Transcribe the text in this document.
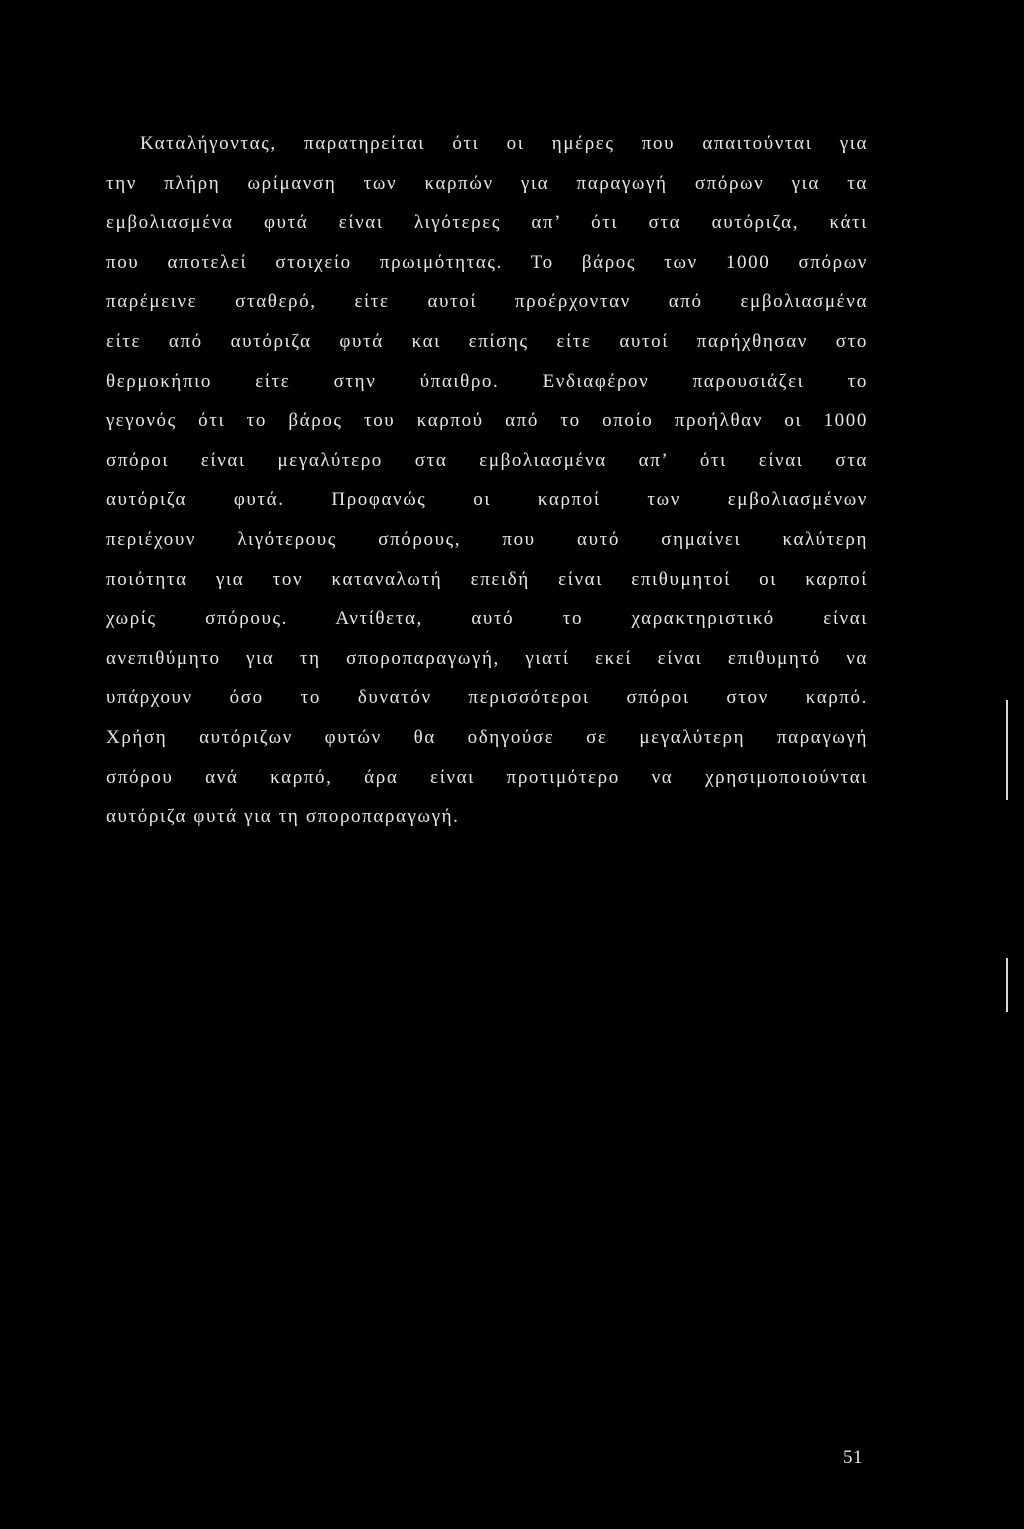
Καταλήγοντας, παρατηρείται ότι οι ημέρες που απαιτούνται για
την πλήρη ωρίμανση των καρπών για παραγωγή σπόρων για τα
εμβολιασμένα φυτά είναι λιγότερες απ’ ότι στα αυτόριζα, κάτι
που αποτελεί στοιχείο πρωιμότητας. Το βάρος των 1000 σπόρων
παρέμεινε σταθερό, είτε αυτοί προέρχονταν από εμβολιασμένα
είτε από αυτόριζα φυτά και επίσης είτε αυτοί παρήχθησαν στο
θερμοκήπιο είτε στην ύπαιθρο. Ενδιαφέρον παρουσιάζει το
γεγονός ότι το βάρος του καρπού από το οποίο προήλθαν οι 1000
σπόροι είναι μεγαλύτερο στα εμβολιασμένα απ’ ότι είναι στα
αυτόριζα φυτά. Προφανώς οι καρποί των εμβολιασμένων
περιέχουν λιγότερους σπόρους, που αυτό σημαίνει καλύτερη
ποιότητα για τον καταναλωτή επειδή είναι επιθυμητοί οι καρποί
χωρίς σπόρους. Αντίθετα, αυτό το χαρακτηριστικό είναι
ανεπιθύμητο για τη σποροπαραγωγή, γιατί εκεί είναι επιθυμητό να
υπάρχουν όσο το δυνατόν περισσότεροι σπόροι στον καρπό.
Χρήση αυτόριζων φυτών θα οδηγούσε σε μεγαλύτερη παραγωγή
σπόρου ανά καρπό, άρα είναι προτιμότερο να χρησιμοποιούνται
αυτόριζα φυτά για τη σποροπαραγωγή.
51
